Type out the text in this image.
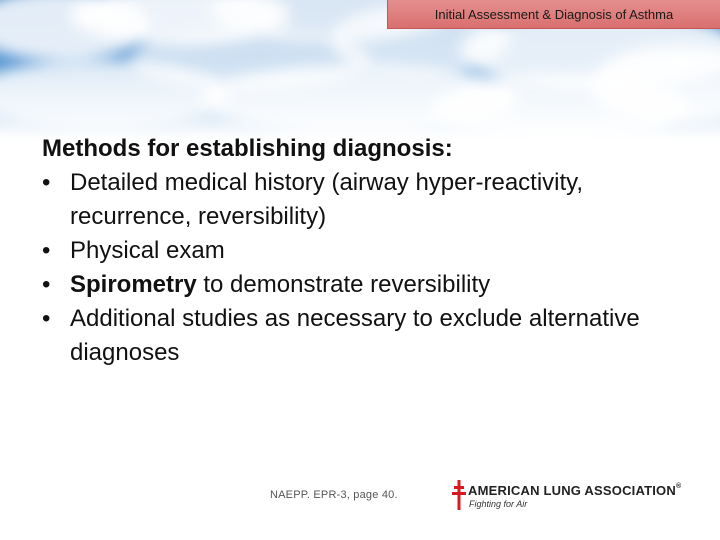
Initial Assessment & Diagnosis of Asthma
Methods for establishing diagnosis:
• Detailed medical history (airway hyper-reactivity, recurrence, reversibility)
• Physical exam
• Spirometry to demonstrate reversibility
• Additional studies as necessary to exclude alternative diagnoses
NAEPP. EPR-3, page 40.	AMERICAN LUNG ASSOCIATION®
Fighting for Air
